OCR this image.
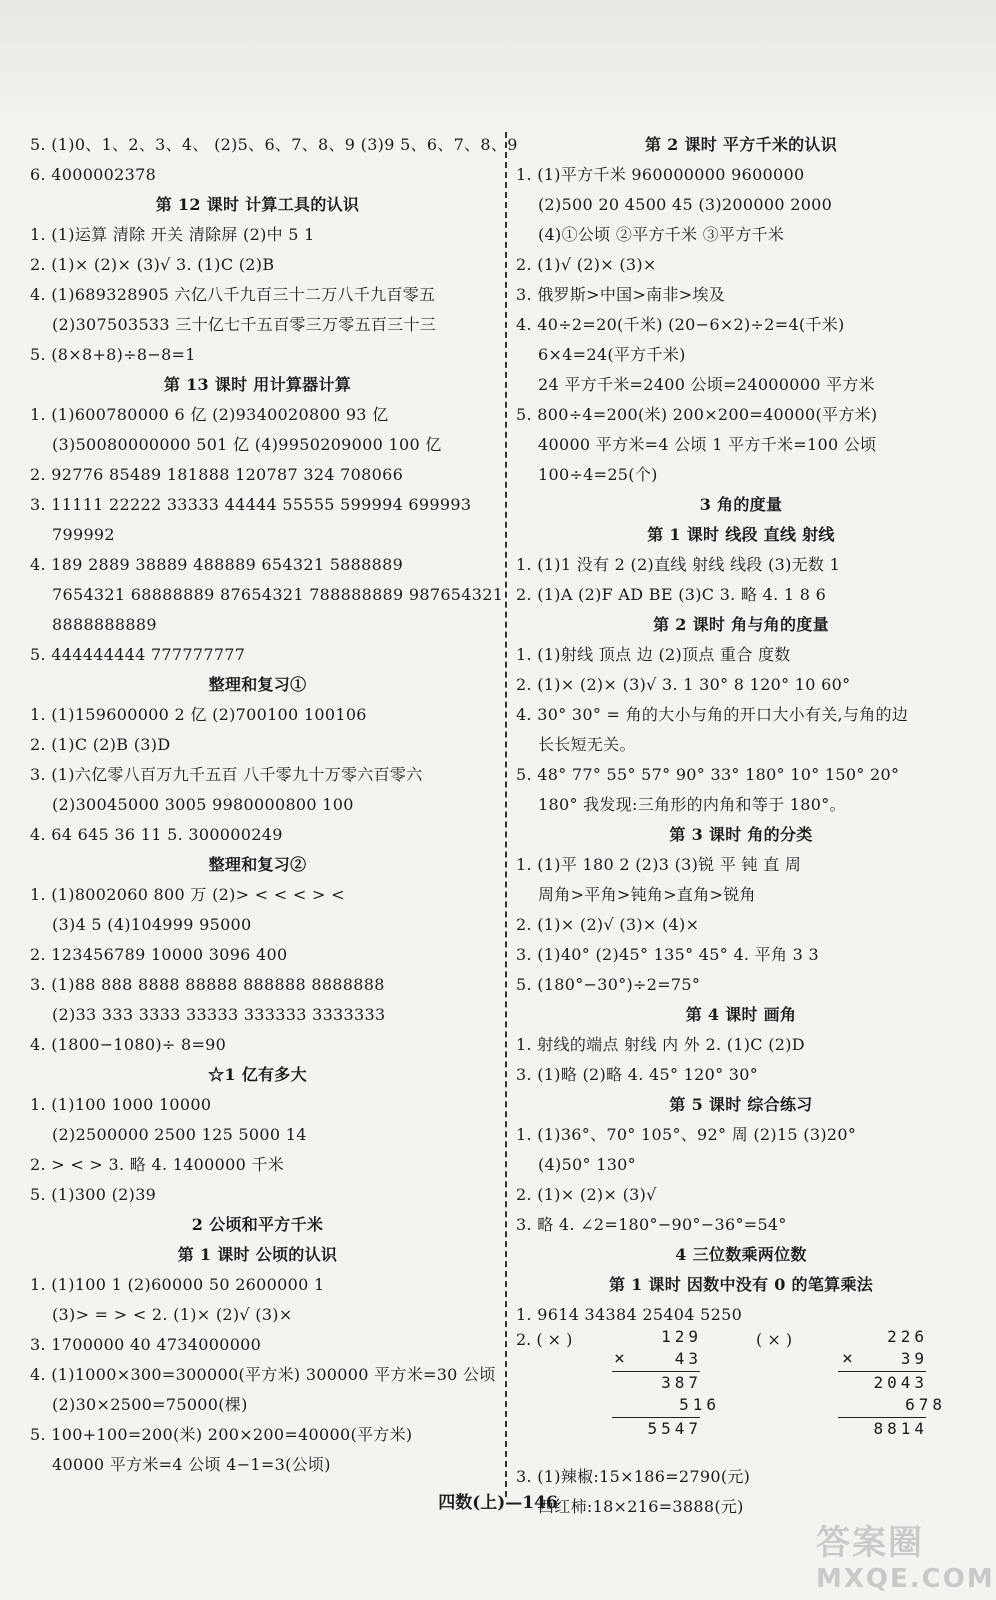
5. (1)0、1、2、3、4、 (2)5、6、7、8、9 (3)9 5、6、7、8、9
6. 4000002378
第 12 课时 计算工具的认识
1. (1)运算 清除 开关 清除屏 (2)中 5 1
2. (1)× (2)× (3)√ 3. (1)C (2)B
4. (1)689328905 六亿八千九百三十二万八千九百零五
(2)307503533 三十亿七千五百零三万零五百三十三
5. (8×8+8)÷8−8=1
第 13 课时 用计算器计算
1. (1)600780000 6 亿 (2)9340020800 93 亿
(3)50080000000 501 亿 (4)9950209000 100 亿
2. 92776 85489 181888 120787 324 708066
3. 11111 22222 33333 44444 55555 599994 699993
799992
4. 189 2889 38889 488889 654321 5888889
7654321 68888889 87654321 788888889 987654321
8888888889
5. 444444444 777777777
整理和复习①
1. (1)159600000 2 亿 (2)700100 100106
2. (1)C (2)B (3)D
3. (1)六亿零八百万九千五百 八千零九十万零六百零六
(2)30045000 3005 9980000800 100
4. 64 645 36 11 5. 300000249
整理和复习②
1. (1)8002060 800 万 (2)> < < < > <
(3)4 5 (4)104999 95000
2. 123456789 10000 3096 400
3. (1)88 888 8888 88888 888888 8888888
(2)33 333 3333 33333 333333 3333333
4. (1800−1080)÷ 8=90
☆1 亿有多大
1. (1)100 1000 10000
(2)2500000 2500 125 5000 14
2. > < > 3. 略 4. 1400000 千米
5. (1)300 (2)39
2 公顷和平方千米
第 1 课时 公顷的认识
1. (1)100 1 (2)60000 50 2600000 1
(3)> = > < 2. (1)× (2)√ (3)×
3. 1700000 40 4734000000
4. (1)1000×300=300000(平方米) 300000 平方米=30 公顷
(2)30×2500=75000(棵)
5. 100+100=200(米) 200×200=40000(平方米)
40000 平方米=4 公顷 4−1=3(公顷)
第 2 课时 平方千米的认识
1. (1)平方千米 960000000 9600000
(2)500 20 4500 45 (3)200000 2000
(4)①公顷 ②平方千米 ③平方千米
2. (1)√ (2)× (3)×
3. 俄罗斯>中国>南非>埃及
4. 40÷2=20(千米) (20−6×2)÷2=4(千米)
6×4=24(平方千米)
24 平方千米=2400 公顷=24000000 平方米
5. 800÷4=200(米) 200×200=40000(平方米)
40000 平方米=4 公顷 1 平方千米=100 公顷
100÷4=25(个)
3 角的度量
第 1 课时 线段 直线 射线
1. (1)1 没有 2 (2)直线 射线 线段 (3)无数 1
2. (1)A (2)F AD BE (3)C 3. 略 4. 1 8 6
第 2 课时 角与角的度量
1. (1)射线 顶点 边 (2)顶点 重合 度数
2. (1)× (2)× (3)√ 3. 1 30° 8 120° 10 60°
4. 30° 30° = 角的大小与角的开口大小有关,与角的边
长长短无关。
5. 48° 77° 55° 57° 90° 33° 180° 10° 150° 20°
180° 我发现:三角形的内角和等于 180°。
第 3 课时 角的分类
1. (1)平 180 2 (2)3 (3)锐 平 钝 直 周
周角>平角>钝角>直角>锐角
2. (1)× (2)√ (3)× (4)×
3. (1)40° (2)45° 135° 45° 4. 平角 3 3
5. (180°−30°)÷2=75°
第 4 课时 画角
1. 射线的端点 射线 内 外 2. (1)C (2)D
3. (1)略 (2)略 4. 45° 120° 30°
第 5 课时 综合练习
1. (1)36°、70° 105°、92° 周 (2)15 (3)20°
(4)50° 130°
2. (1)× (2)× (3)√
3. 略 4. ∠2=180°−90°−36°=54°
4 三位数乘两位数
第 1 课时 因数中没有 0 的笔算乘法
1. 9614 34384 25404 5250
2. ( × )	( × )
129
×	43
387
516
5547
226
×	39
2043
678
8814
3. (1)辣椒:15×186=2790(元)
西红柿:18×216=3888(元)
四数(上)—146
答案圈
MXQE.COM
